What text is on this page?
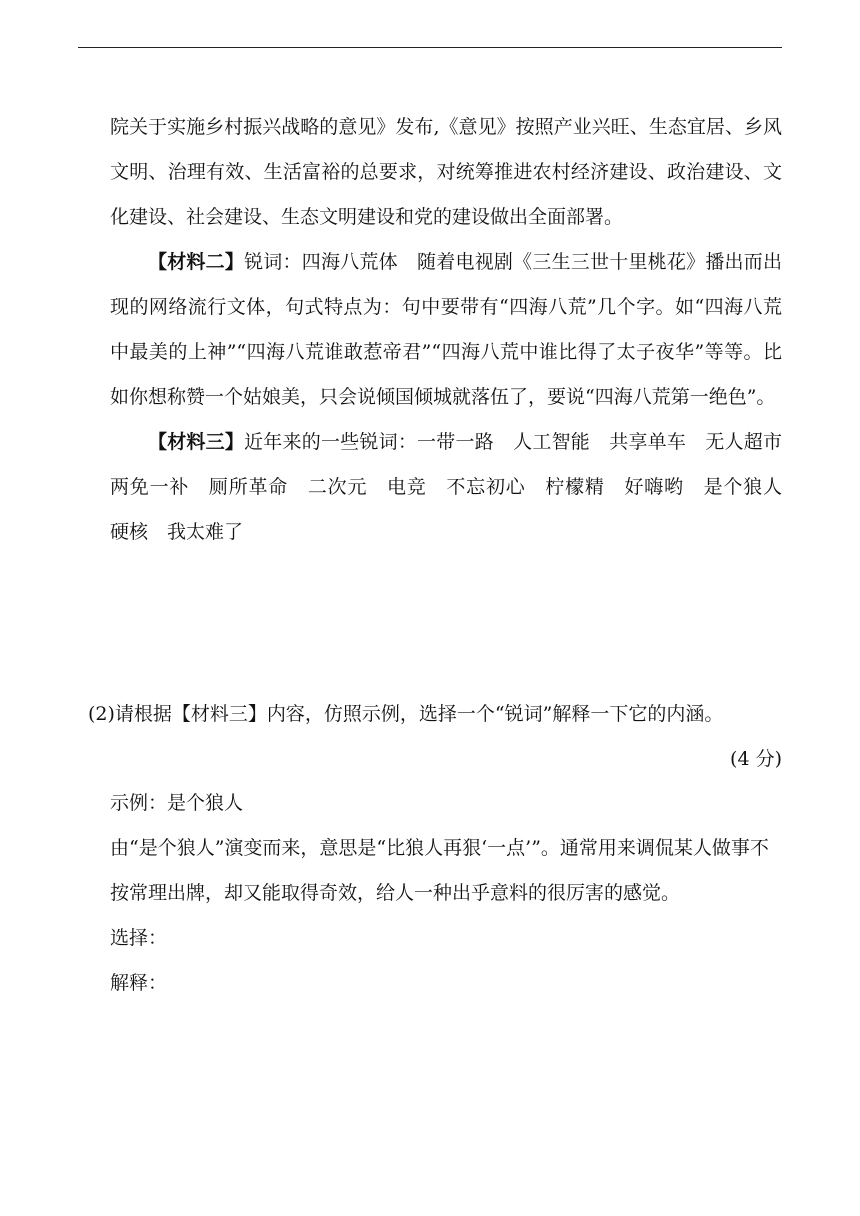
院关于实施乡村振兴战略的意见》发布,《意见》按照产业兴旺、生态宜居、乡风文明、治理有效、生活富裕的总要求，对统筹推进农村经济建设、政治建设、文化建设、社会建设、生态文明建设和党的建设做出全面部署。

【材料二】锐词：四海八荒体　随着电视剧《三生三世十里桃花》播出而出现的网络流行文体，句式特点为：句中要带有“四海八荒”几个字。如“四海八荒中最美的上神”“四海八荒谁敢惹帝君”“四海八荒中谁比得了太子夜华”等等。比如你想称赞一个姑娘美，只会说倾国倾城就落伍了，要说“四海八荒第一绝色”。

【材料三】近年来的一些锐词：一带一路　人工智能　共享单车　无人超市　两免一补　厕所革命　二次元　电竞　不忘初心　柠檬精　好嗨哟　是个狼人　硬核　我太难了

(2)请根据【材料三】内容，仿照示例，选择一个“锐词”解释一下它的内涵。

(4 分)

示例：是个狼人

由“是个狼人”演变而来，意思是“比狼人再狠‘一点’”。通常用来调侃某人做事不按常理出牌，却又能取得奇效，给人一种出乎意料的很厉害的感觉。

选择：

解释：
